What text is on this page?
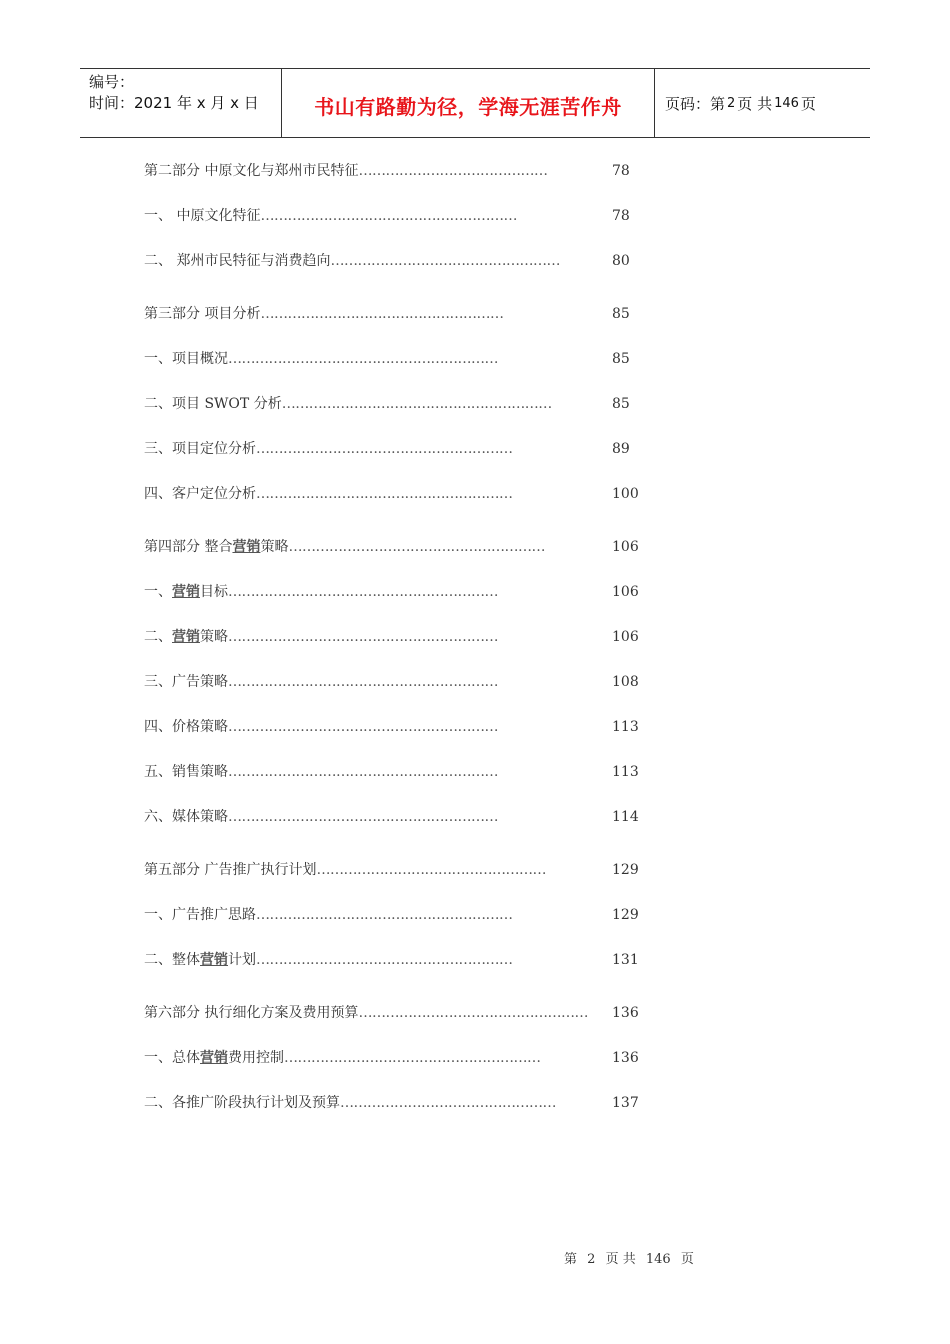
编号：
时间：2021 年 x 月 x 日	书山有路勤为径，学海无涯苦作舟	页码：第 2 页 共 146 页
第二部分 中原文化与郑州市民特征……………………………………	78
一、 中原文化特征…………………………………………………	78
二、 郑州市民特征与消费趋向……………………………………………	80
第三部分 项目分析………………………………………………	85
一、项目概况……………………………………………………	85
二、项目 SWOT 分析……………………………………………………	85
三、项目定位分析…………………………………………………	89
四、客户定位分析…………………………………………………	100
第四部分 整合营销策略…………………………………………………	106
一、营销目标……………………………………………………	106
二、营销策略……………………………………………………	106
三、广告策略……………………………………………………	108
四、价格策略……………………………………………………	113
五、销售策略……………………………………………………	113
六、媒体策略……………………………………………………	114
第五部分 广告推广执行计划……………………………………………	129
一、广告推广思路…………………………………………………	129
二、整体营销计划…………………………………………………	131
第六部分 执行细化方案及费用预算…………………………………………… 136
一、总体营销费用控制…………………………………………………	136
二、各推广阶段执行计划及预算…………………………………………	137
第 2 页 共 146 页
